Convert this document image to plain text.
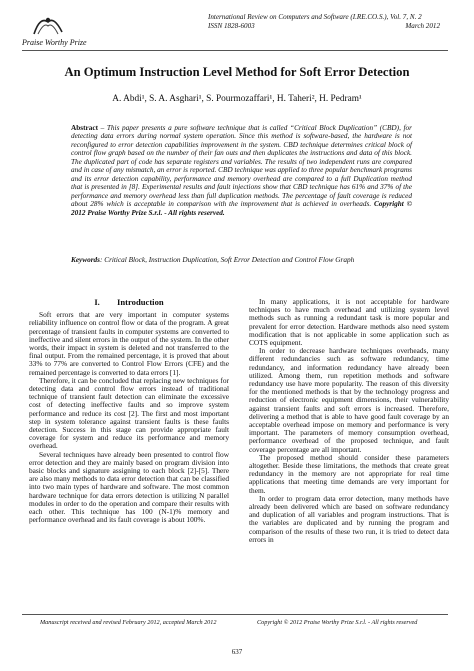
Praise Worthy Prize
International Review on Computers and Software (I.RE.CO.S.), Vol. 7, N. 2
ISSN 1828-6003	March 2012
An Optimum Instruction Level Method for Soft Error Detection
A. Abdi¹, S. A. Asghari¹, S. Pourmozaffari¹, H. Taheri², H. Pedram¹
Abstract – This paper presents a pure software technique that is called “Critical Block Duplication” (CBD), for detecting data errors during normal system operation. Since this method is software-based, the hardware is not reconfigured to error detection capabilities improvement in the system. CBD technique determines critical block of control flow graph based on the number of their fan outs and then duplicates the instructions and data of this block. The duplicated part of code has separate registers and variables. The results of two independent runs are compared and in case of any mismatch, an error is reported. CBD technique was applied to three popular benchmark programs and its error detection capability, performance and memory overhead are compared to a full Duplication method that is presented in [8]. Experimental results and fault injections show that CBD technique has 61% and 37% of the performance and memory overhead less than full duplication methods. The percentage of fault coverage is reduced about 28% which is acceptable in comparison with the improvement that is achieved in overheads. Copyright © 2012 Praise Worthy Prize S.r.l. - All rights reserved.
Keywords: Critical Block, Instruction Duplication, Soft Error Detection and Control Flow Graph

I.  Introduction

Soft errors that are very important in computer systems reliability influence on control flow or data of the program. A great percentage of transient faults in computer systems are converted to ineffective and silent errors in the output of the system. In the other words, their impact in system is deleted and not transferred to the final output. From the remained percentage, it is proved that about 33% to 77% are converted to Control Flow Errors (CFE) and the remained percentage is converted to data errors [1].

Therefore, it can be concluded that replacing new techniques for detecting data and control flow errors instead of traditional technique of transient fault detection can eliminate the excessive cost of detecting ineffective faults and so improve system performance and reduce its cost [2]. The first and most important step in system tolerance against transient faults is these faults detection. Success in this stage can provide appropriate fault coverage for system and reduce its performance and memory overhead.

Several techniques have already been presented to control flow error detection and they are mainly based on program division into basic blocks and signature assigning to each block [2]-[5]. There are also many methods to data error detection that can be classified into two main types of hardware and software. The most common hardware technique for data errors detection is utilizing N parallel modules in order to do the operation and compare their results with each other. This technique has 100 (N-1)% memory and performance overhead and its fault coverage is about 100%.

In many applications, it is not acceptable for hardware techniques to have much overhead and utilizing system level methods such as running a redundant task is more popular and prevalent for error detection. Hardware methods also need system modification that is not applicable in some application such as COTS equipment.

In order to decrease hardware techniques overheads, many different redundancies such as software redundancy, time redundancy, and information redundancy have already been utilized. Among them, run repetition methods and software redundancy use have more popularity. The reason of this diversity for the mentioned methods is that by the technology progress and reduction of electronic equipment dimensions, their vulnerability against transient faults and soft errors is increased. Therefore, delivering a method that is able to have good fault coverage by an acceptable overhead impose on memory and performance is very important. The parameters of memory consumption overhead, performance overhead of the proposed technique, and fault coverage percentage are all important.

The proposed method should consider these parameters altogether. Beside these limitations, the methods that create great redundancy in the memory are not appropriate for real time applications that meeting time demands are very important for them.

In order to program data error detection, many methods have already been delivered which are based on software redundancy and duplication of all variables and program instructions. That is the variables are duplicated and by running the program and comparison of the results of these two run, it is tried to detect data errors in

Manuscript received and revised February 2012, accepted March 2012	Copyright © 2012 Praise Worthy Prize S.r.l. - All rights reserved
637
